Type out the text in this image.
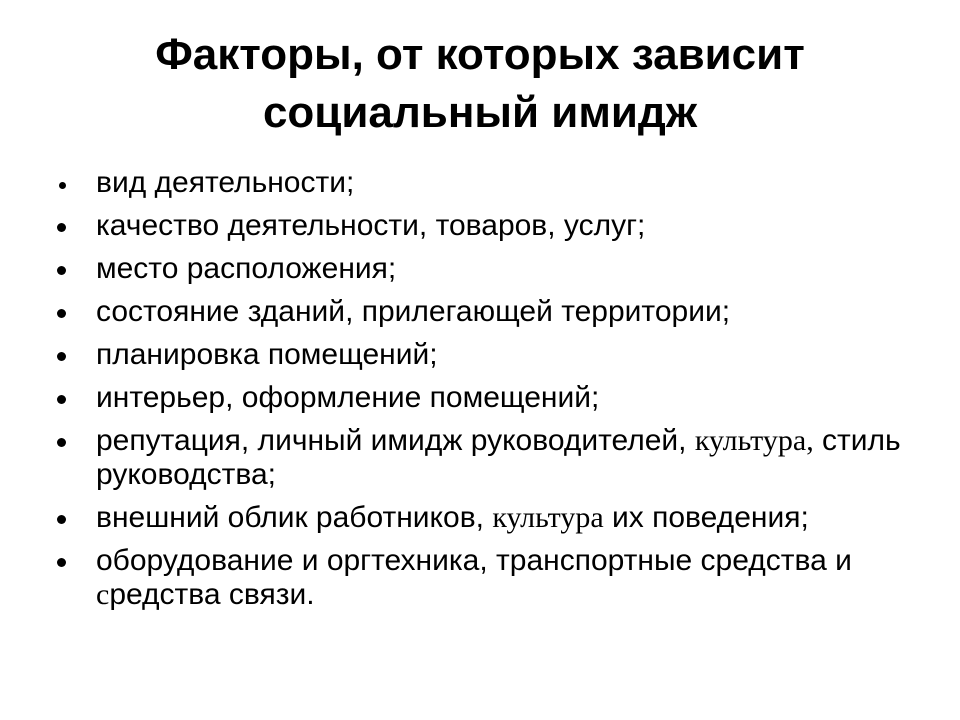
Факторы, от которых зависит
социальный имидж
вид деятельности;
качество деятельности, товаров, услуг;
место расположения;
состояние зданий, прилегающей территории;
планировка помещений;
интерьер, оформление помещений;
репутация, личный имидж руководителей, культура, стиль руководства;
внешний облик работников, культура их поведения;
оборудование и оргтехника, транспортные средства и средства связи.
